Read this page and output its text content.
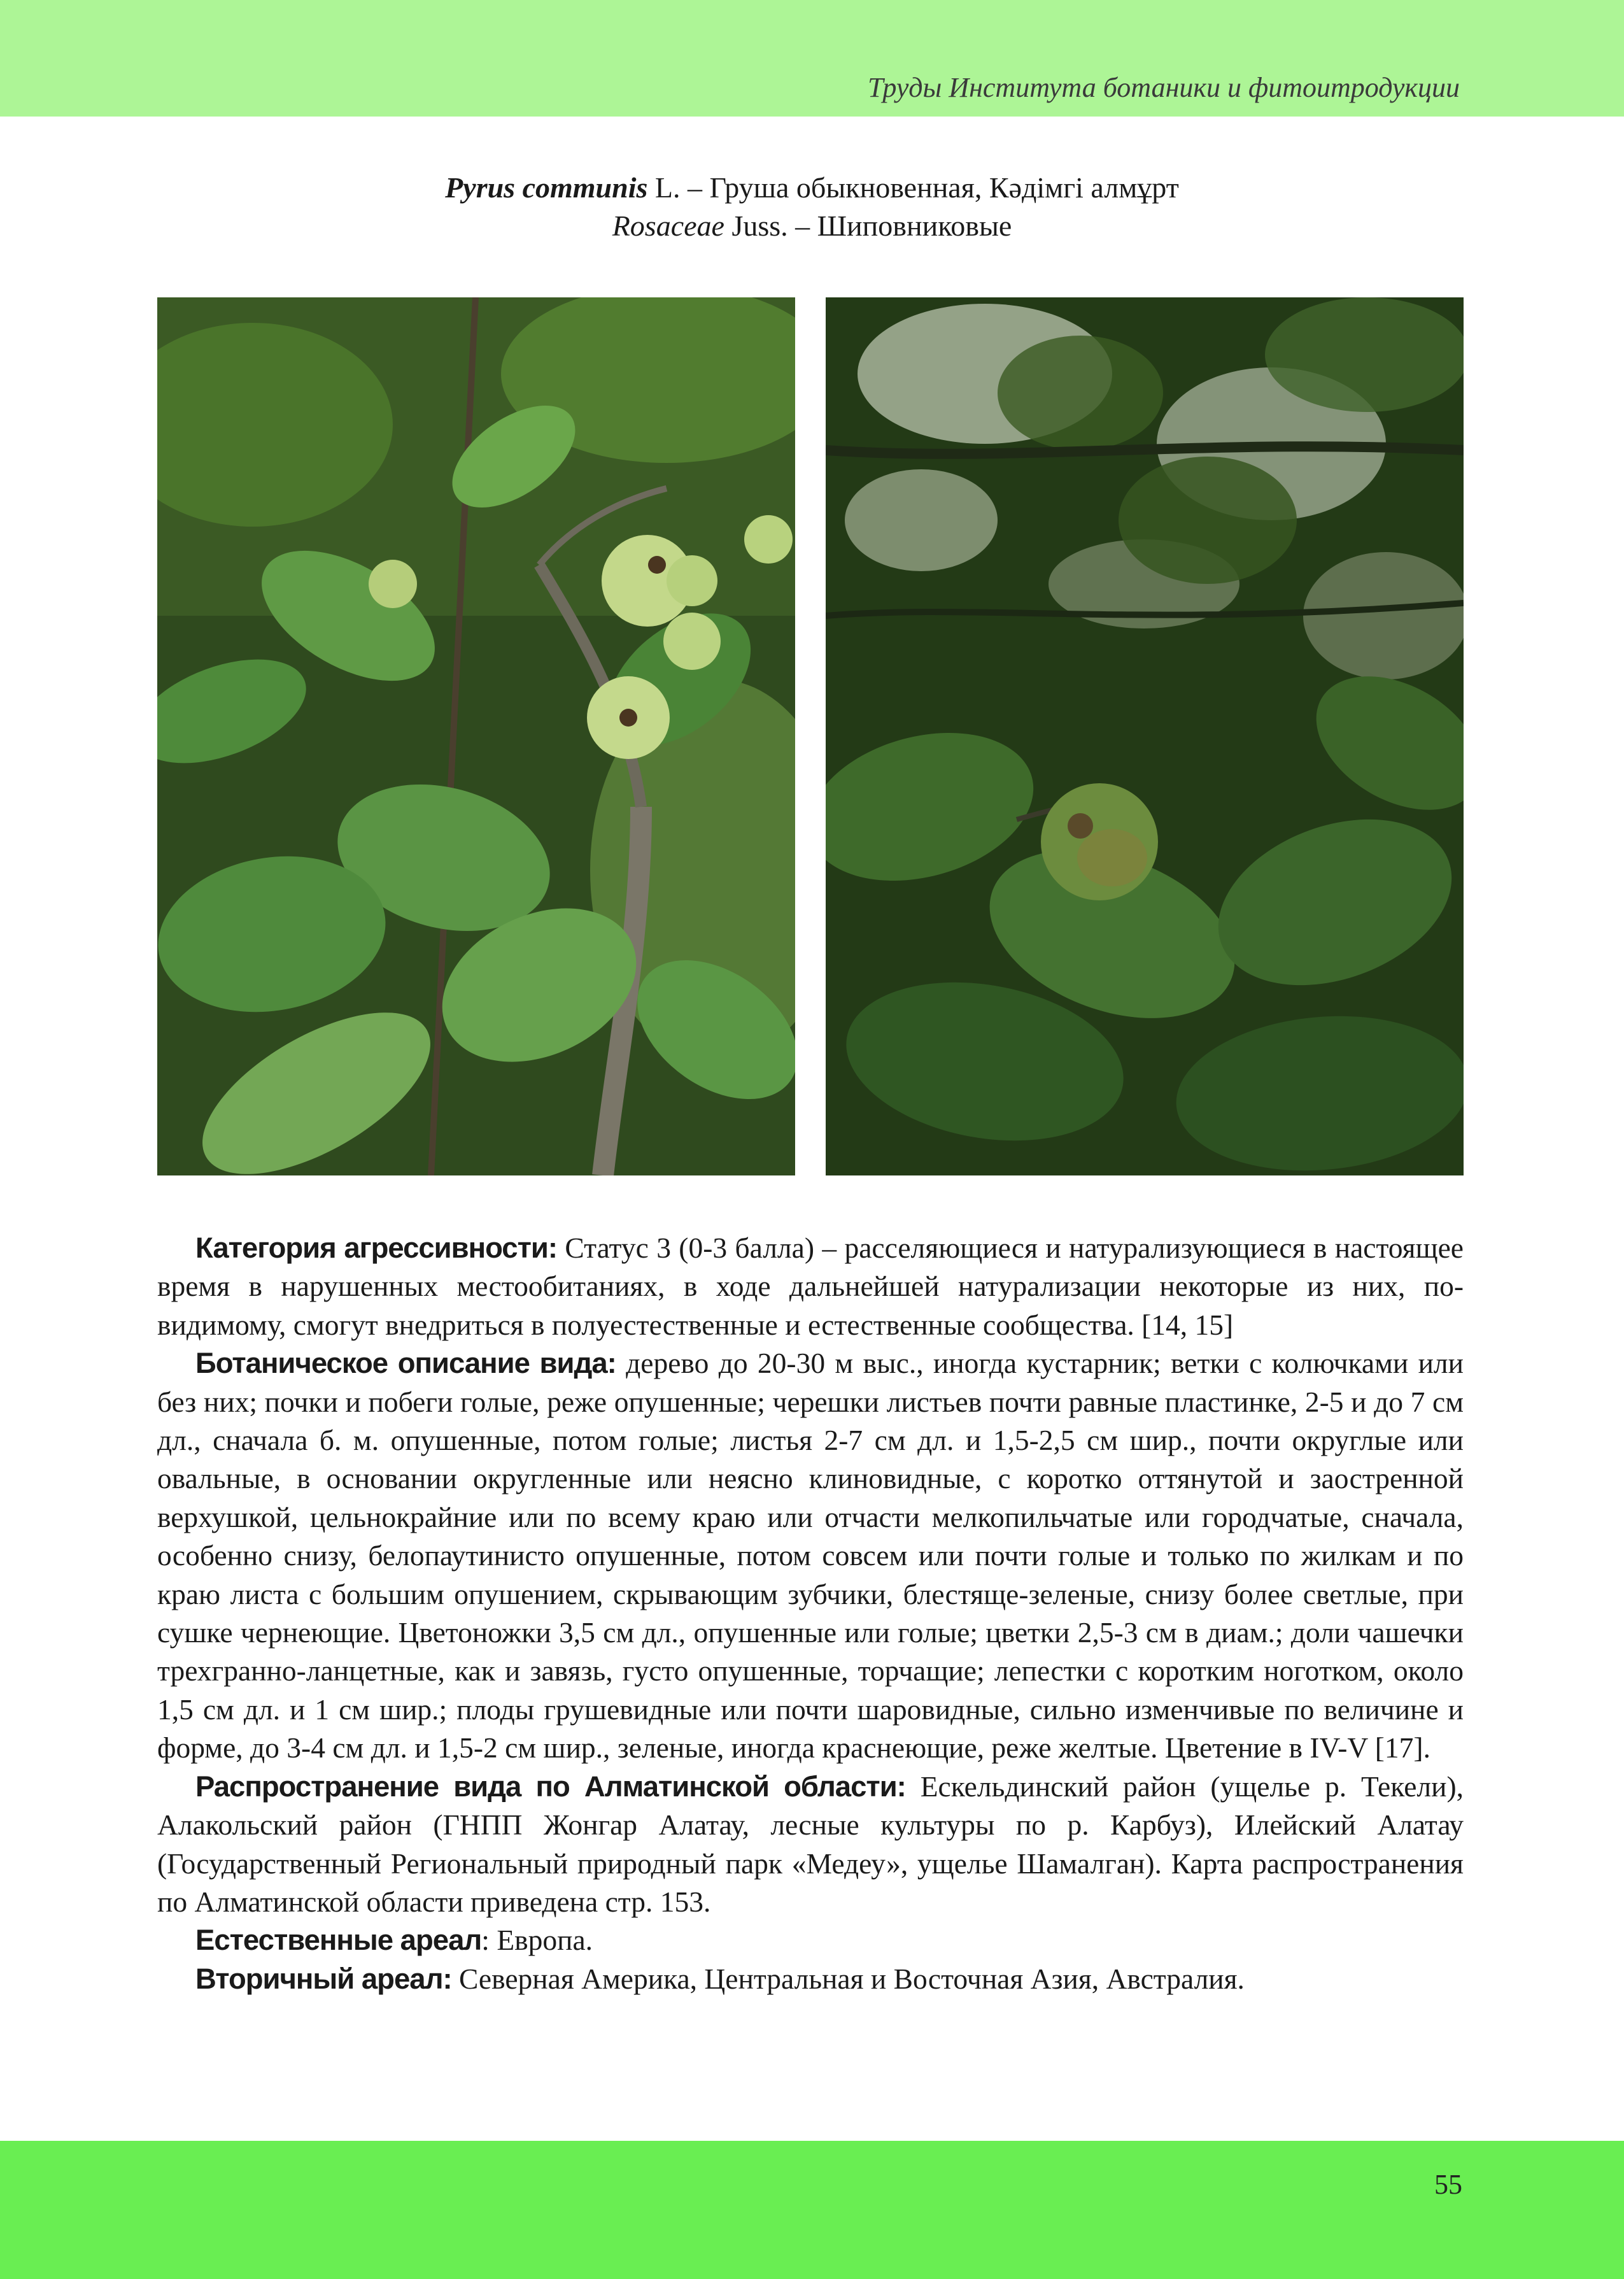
Труды Института ботаники и фитоитродукции
Pyrus communis L. – Груша обыкновенная, Кәдімгі алмұрт
Rosaceae Juss. – Шиповниковые

Категория агрессивности: Статус 3 (0-3 балла) – расселяющиеся и натурализующиеся в настоящее время в нарушенных местообитаниях, в ходе дальнейшей натурализации некоторые из них, по-видимому, смогут внедриться в полуестественные и естественные сообщества. [14, 15]

Ботаническое описание вида: дерево до 20-30 м выс., иногда кустарник; ветки с колючками или без них; почки и побеги голые, реже опушенные; черешки листьев почти равные пластинке, 2-5 и до 7 см дл., сначала б. м. опушенные, потом голые; листья 2-7 см дл. и 1,5-2,5 см шир., почти округлые или овальные, в основании округленные или неясно клиновидные, с коротко оттянутой и заостренной верхушкой, цельнокрайние или по всему краю или отчасти мелкопильчатые или городчатые, сначала, особенно снизу, белопаутинисто опушенные, потом совсем или почти голые и только по жилкам и по краю листа с большим опушением, скрывающим зубчики, блестяще-зеленые, снизу более светлые, при сушке чернеющие. Цветоножки 3,5 см дл., опушенные или голые; цветки 2,5-3 см в диам.; доли чашечки трехгранно-ланцетные, как и завязь, густо опушенные, торчащие; лепестки с коротким ноготком, около 1,5 см дл. и 1 см шир.; плоды грушевидные или почти шаровидные, сильно изменчивые по величине и форме, до 3-4 см дл. и 1,5-2 см шир., зеленые, иногда краснеющие, реже желтые. Цветение в IV-V [17].

Распространение вида по Алматинской области: Ескельдинский район (ущелье р. Текели), Алакольский район (ГНПП Жонгар Алатау, лесные культуры по р. Карбуз), Илейский Алатау (Государственный Региональный природный парк «Медеу», ущелье Шамалган). Карта распространения по Алматинской области приведена стр. 153.

Естественные ареал: Европа.

Вторичный ареал: Северная Америка, Центральная и Восточная Азия, Австралия.

55
